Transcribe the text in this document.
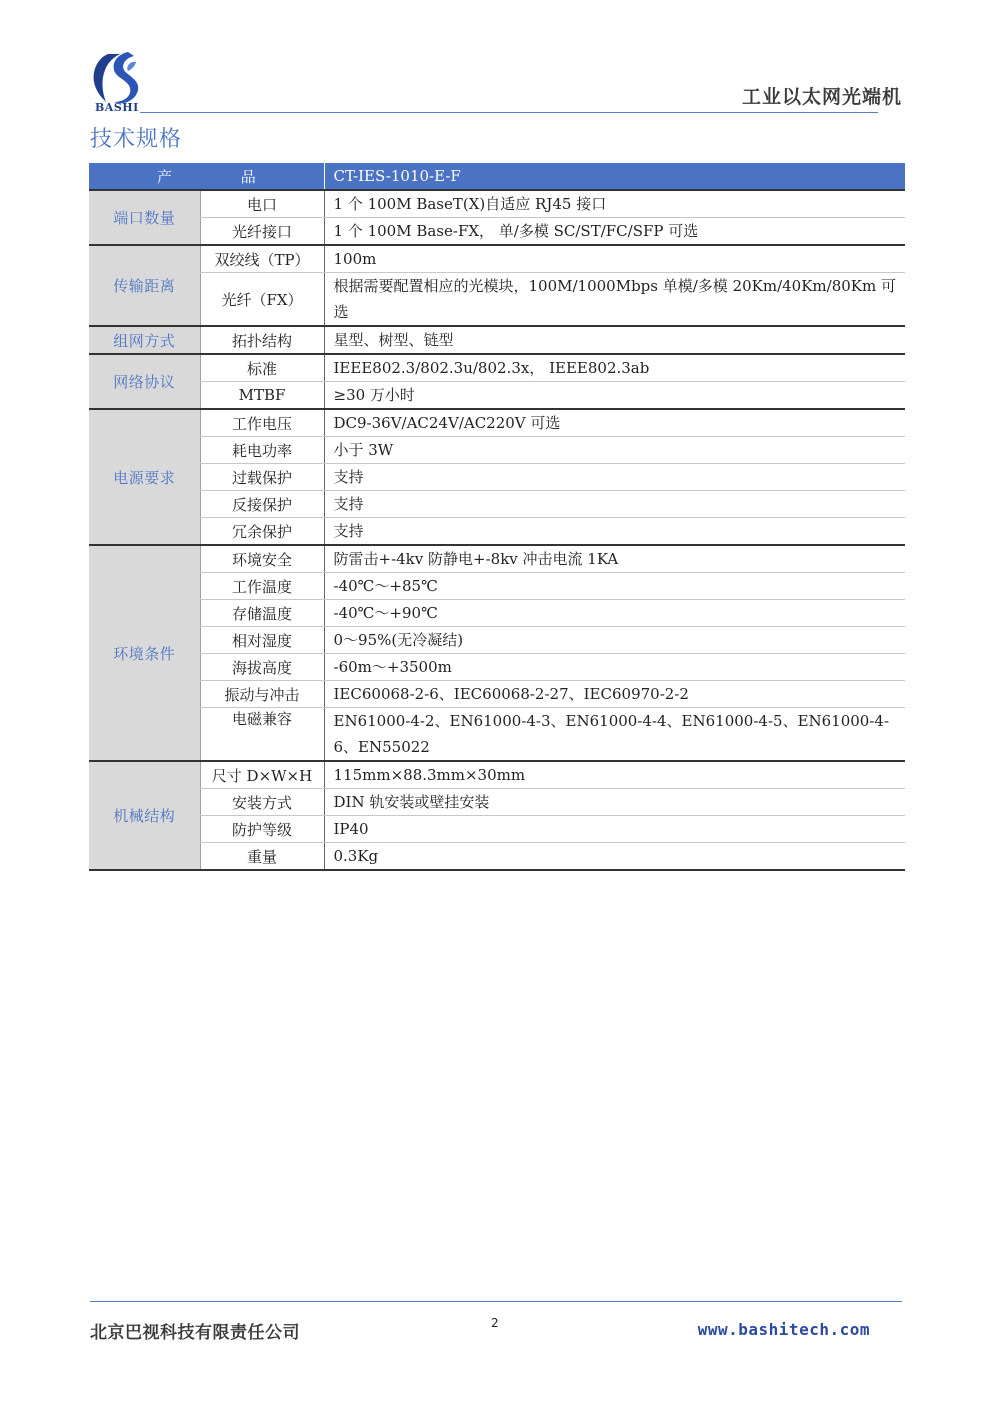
BASHI	工业以太网光端机
技术规格
产 品		CT-IES-1010-E-F
端口数量	电口	1 个 100M BaseT(X)自适应 RJ45 接口
	光纤接口	1 个 100M Base-FX， 单/多模 SC/ST/FC/SFP 可选
传输距离	双绞线（TP）	100m
	光纤（FX）	根据需要配置相应的光模块，100M/1000Mbps 单模/多模 20Km/40Km/80Km 可选
组网方式	拓扑结构	星型、树型、链型
网络协议	标准	IEEE802.3/802.3u/802.3x， IEEE802.3ab
	MTBF	≥30 万小时
电源要求	工作电压	DC9-36V/AC24V/AC220V 可选
	耗电功率	小于 3W
	过载保护	支持
	反接保护	支持
	冗余保护	支持
环境条件	环境安全	防雷击+-4kv 防静电+-8kv 冲击电流 1KA
	工作温度	-40℃～+85℃
	存储温度	-40℃～+90℃
	相对湿度	0～95%(无冷凝结)
	海拔高度	-60m～+3500m
	振动与冲击	IEC60068-2-6、IEC60068-2-27、IEC60970-2-2
	电磁兼容	EN61000-4-2、EN61000-4-3、EN61000-4-4、EN61000-4-5、EN61000-4-6、EN55022
机械结构	尺寸 D×W×H	115mm×88.3mm×30mm
	安装方式	DIN 轨安装或壁挂安装
	防护等级	IP40
	重量	0.3Kg
北京巴视科技有限责任公司	2	www.bashitech.com
